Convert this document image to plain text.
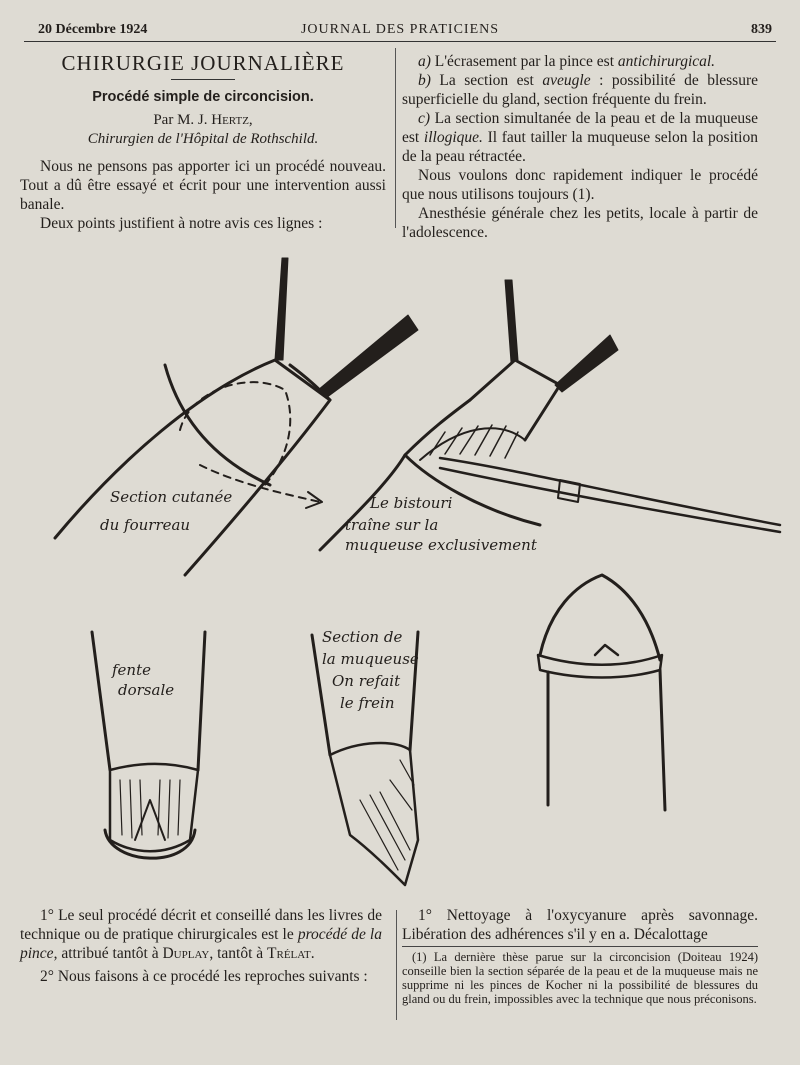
20 Décembre 1924	JOURNAL DES PRATICIENS	839
CHIRURGIE JOURNALIÈRE
Procédé simple de circoncision.
Par M. J. Hertz,
Chirurgien de l'Hôpital de Rothschild.

Nous ne pensons pas apporter ici un procédé nouveau. Tout a dû être essayé et écrit pour une intervention aussi banale.

Deux points justifient à notre avis ces lignes :

a) L'écrasement par la pince est antichirurgical.

b) La section est aveugle : possibilité de blessure superficielle du gland, section fréquente du frein.

c) La section simultanée de la peau et de la muqueuse est illogique. Il faut tailler la muqueuse selon la position de la peau rétractée.

Nous voulons donc rapidement indiquer le procédé que nous utilisons toujours (1).

Anesthésie générale chez les petits, locale à partir de l'adolescence.

Section cutanée
du fourreau
Le bistouri
traîne sur la
muqueuse exclusivement
fente
dorsale
Section de
la muqueuse
On refait
le frein

1° Le seul procédé décrit et conseillé dans les livres de technique ou de pratique chirurgicales est le procédé de la pince, attribué tantôt à Duplay, tantôt à Trélat.

2° Nous faisons à ce procédé les reproches suivants :

1° Nettoyage à l'oxycyanure après savonnage. Libération des adhérences s'il y en a. Décalottage

(1) La dernière thèse parue sur la circoncision (Doiteau 1924) conseille bien la section séparée de la peau et de la muqueuse mais ne supprime ni les pinces de Kocher ni la possibilité de blessures du gland ou du frein, impossibles avec la technique que nous préconisons.
